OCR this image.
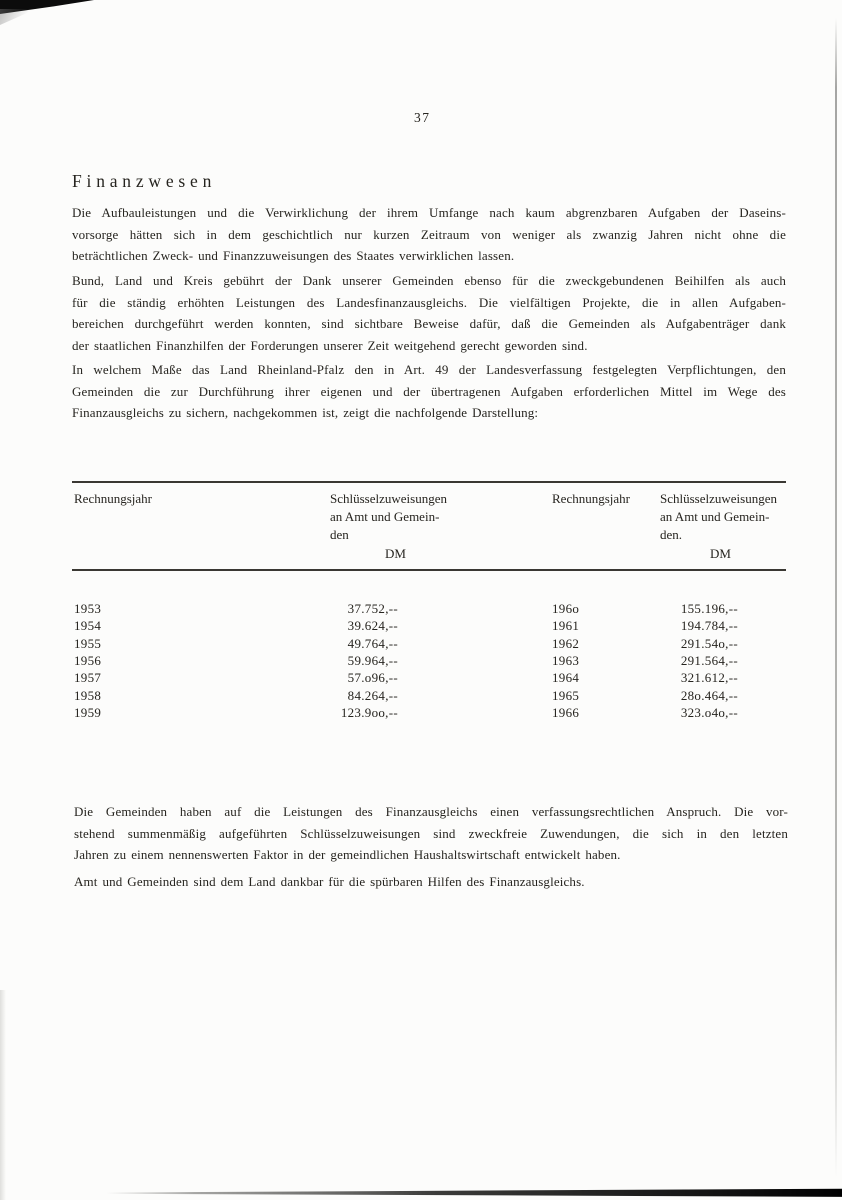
37
Finanzwesen
Die Aufbauleistungen und die Verwirklichung der ihrem Umfange nach kaum abgrenzbaren Aufgaben der Daseins-
vorsorge hätten sich in dem geschichtlich nur kurzen Zeitraum von weniger als zwanzig Jahren nicht ohne die
beträchtlichen Zweck- und Finanzzuweisungen des Staates verwirklichen lassen.
Bund, Land und Kreis gebührt der Dank unserer Gemeinden ebenso für die zweckgebundenen Beihilfen als auch
für die ständig erhöhten Leistungen des Landesfinanzausgleichs. Die vielfältigen Projekte, die in allen Aufgaben-
bereichen durchgeführt werden konnten, sind sichtbare Beweise dafür, daß die Gemeinden als Aufgabenträger dank
der staatlichen Finanzhilfen der Forderungen unserer Zeit weitgehend gerecht geworden sind.
In welchem Maße das Land Rheinland-Pfalz den in Art. 49 der Landesverfassung festgelegten Verpflichtungen, den
Gemeinden die zur Durchführung ihrer eigenen und der übertragenen Aufgaben erforderlichen Mittel im Wege des
Finanzausgleichs zu sichern, nachgekommen ist, zeigt die nachfolgende Darstellung:
Rechnungsjahr	Schlüsselzuweisungen
an Amt und Gemein-
den
DM
Rechnungsjahr Schlüsselzuweisungen
an Amt und Gemein-
den.
DM
1953	37.752,--	196o	155.196,--
1954	39.624,--	1961	194.784,--
1955	49.764,--	1962	291.54o,--
1956	59.964,--	1963	291.564,--
1957	57.o96,--	1964	321.612,--
1958	84.264,--	1965	28o.464,--
1959	123.9oo,--	1966	323.o4o,--
Die Gemeinden haben auf die Leistungen des Finanzausgleichs einen verfassungsrechtlichen Anspruch. Die vor-
stehend summenmäßig aufgeführten Schlüsselzuweisungen sind zweckfreie Zuwendungen, die sich in den letzten
Jahren zu einem nennenswerten Faktor in der gemeindlichen Haushaltswirtschaft entwickelt haben.
Amt und Gemeinden sind dem Land dankbar für die spürbaren Hilfen des Finanzausgleichs.
